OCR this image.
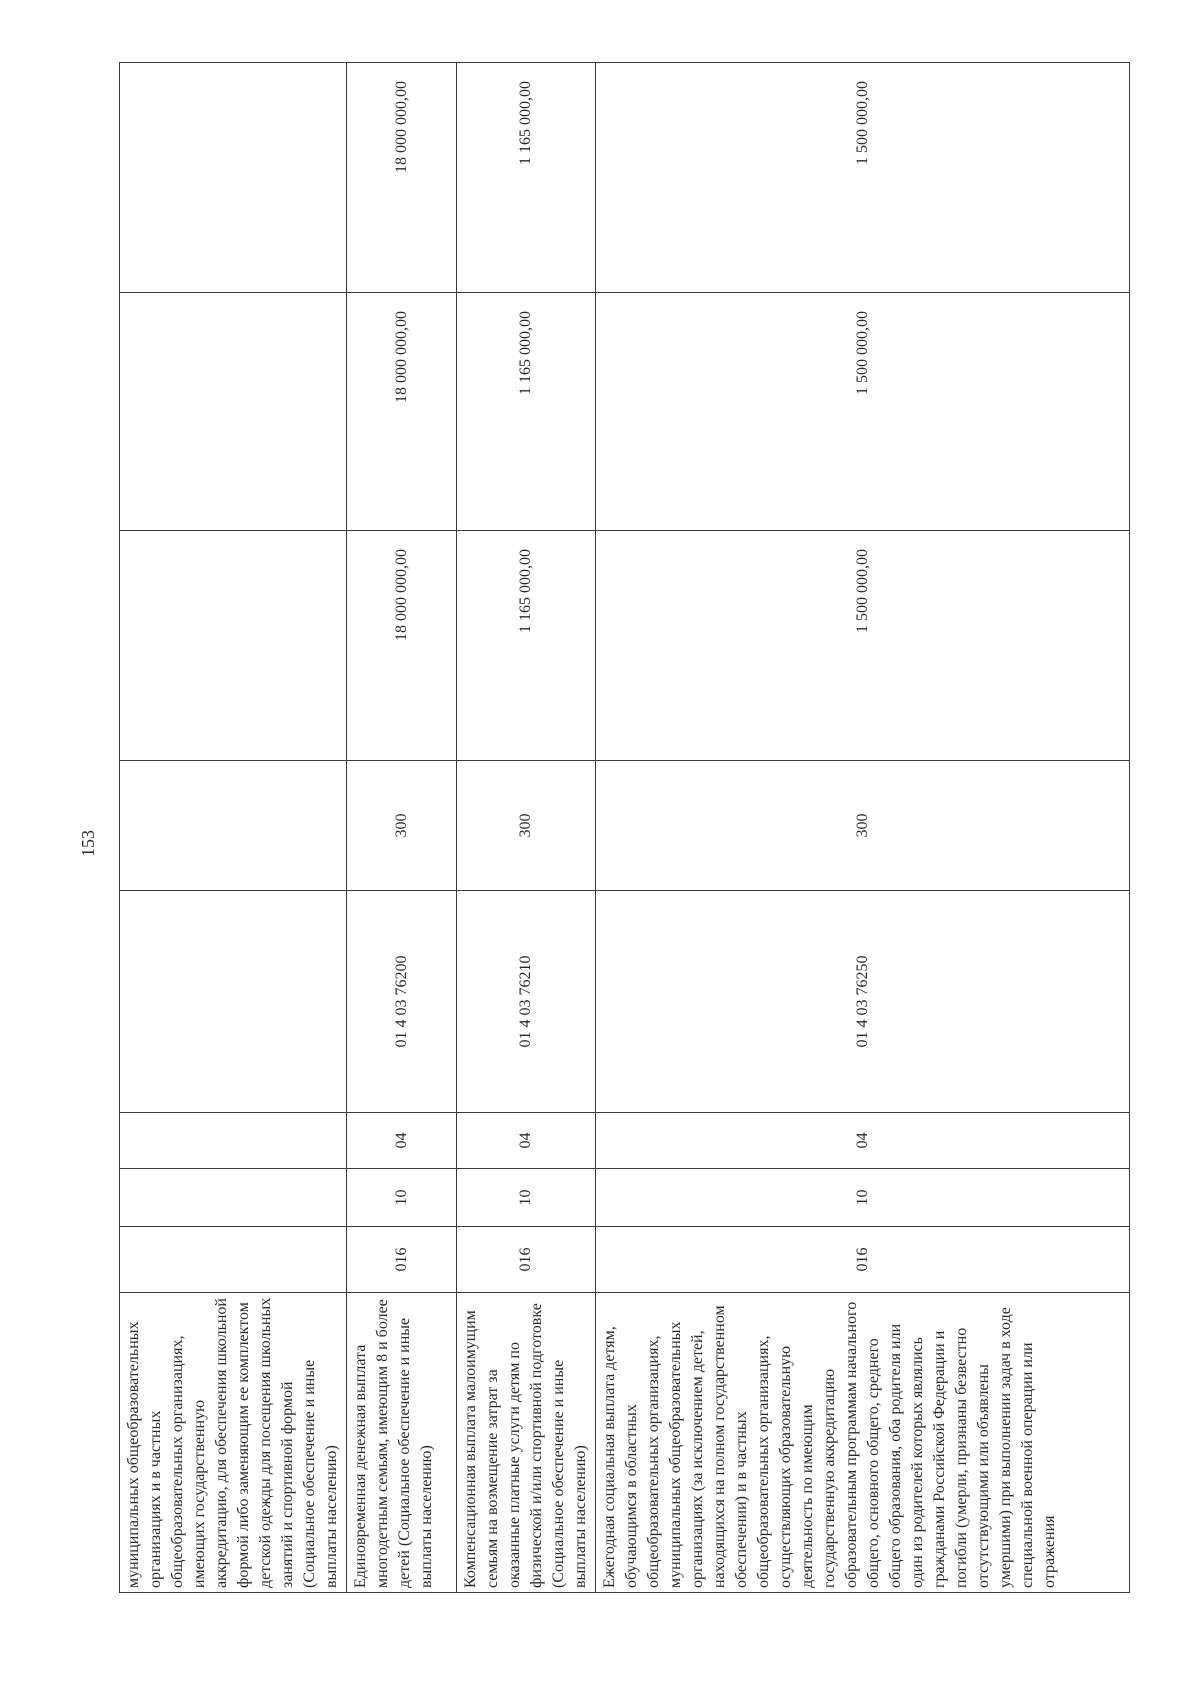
153
муниципальных общеобразовательных организациях и в частных общеобразовательных организациях, имеющих государственную аккредитацию, для обеспечения школьной формой либо заменяющим ее комплектом детской одежды для посещения школьных занятий и спортивной формой (Социальное обеспечение и иные выплаты населению)								
Единовременная денежная выплата многодетным семьям, имеющим 8 и более детей (Социальное обеспечение и иные выплаты населению)	016	10	04	01 4 03 76200	300	18 000 000,00	18 000 000,00	18 000 000,00
Компенсационная выплата малоимущим семьям на возмещение затрат за оказанные платные услуги детям по физической и/или спортивной подготовке (Социальное обеспечение и иные выплаты населению)	016	10	04	01 4 03 76210	300	1 165 000,00	1 165 000,00	1 165 000,00
Ежегодная социальная выплата детям, обучающимся в областных общеобразовательных организациях, муниципальных общеобразовательных организациях (за исключением детей, находящихся на полном государственном обеспечении) и в частных общеобразовательных организациях, осуществляющих образовательную деятельность по имеющим государственную аккредитацию образовательным программам начального общего, основного общего, среднего общего образования, оба родителя или один из родителей которых являлись гражданами Российской Федерации и погибли (умерли, признаны безвестно отсутствующими или объявлены умершими) при выполнении задач в ходе специальной военной операции или отражения	016	10	04	01 4 03 76250	300	1 500 000,00	1 500 000,00	1 500 000,00
